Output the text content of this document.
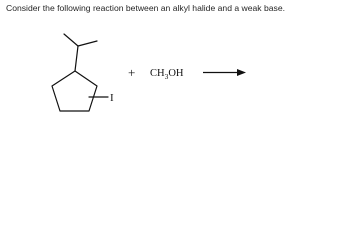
Consider the following reaction between an alkyl halide and a weak base.
I
+ $CH_3OH$
